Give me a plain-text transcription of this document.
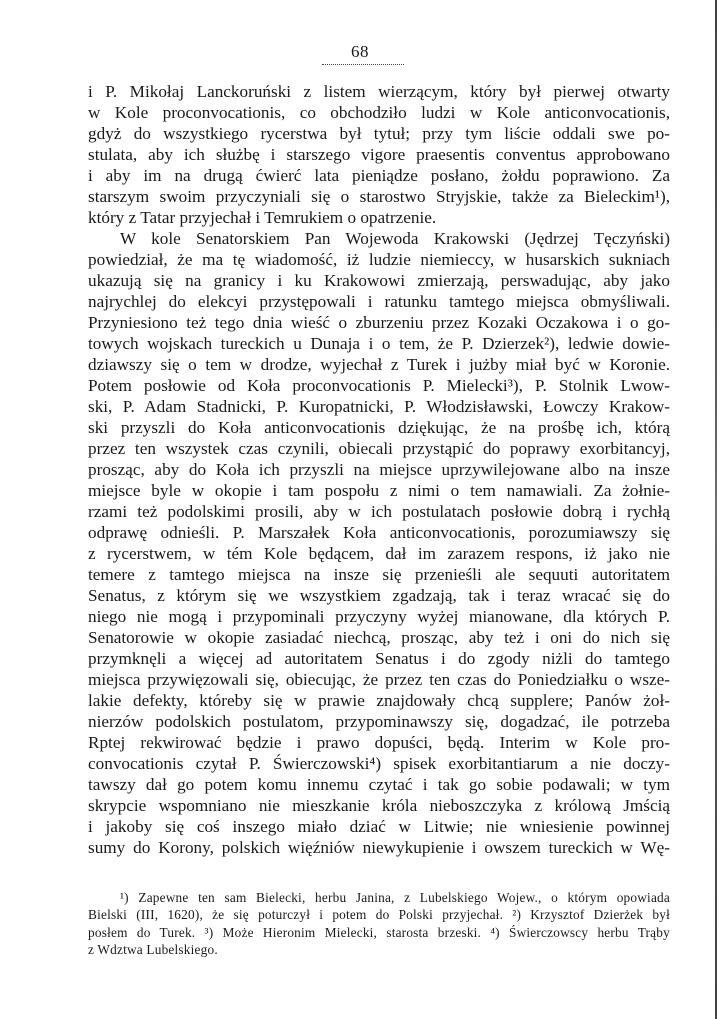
68
i P. Mikołaj Lanckoruński z listem wierzącym, który był pierwej otwarty
w Kole proconvocationis, co obchodziło ludzi w Kole anticonvocationis,
gdyż do wszystkiego rycerstwa był tytuł; przy tym liście oddali swe po-
stulata, aby ich służbę i starszego vigore praesentis conventus approbowano
i aby im na drugą ćwierć lata pieniądze posłano, żołdu poprawiono. Za
starszym swoim przyczyniali się o starostwo Stryjskie, także za Bieleckim¹),
który z Tatar przyjechał i Temrukiem o opatrzenie.
W kole Senatorskiem Pan Wojewoda Krakowski (Jędrzej Tęczyński)
powiedział, że ma tę wiadomość, iż ludzie niemieccy, w husarskich sukniach
ukazują się na granicy i ku Krakowowi zmierzają, perswadując, aby jako
najrychlej do elekcyi przystępowali i ratunku tamtego miejsca obmyśliwali.
Przyniesiono też tego dnia wieść o zburzeniu przez Kozaki Oczakowa i o go-
towych wojskach tureckich u Dunaja i o tem, że P. Dzierzek²), ledwie dowie-
dziawszy się o tem w drodze, wyjechał z Turek i jużby miał być w Koronie.
Potem posłowie od Koła proconvocationis P. Mielecki³), P. Stolnik Lwow-
ski, P. Adam Stadnicki, P. Kuropatnicki, P. Włodzisławski, Łowczy Krakow-
ski przyszli do Koła anticonvocationis dziękując, że na prośbę ich, którą
przez ten wszystek czas czynili, obiecali przystąpić do poprawy exorbitancyj,
prosząc, aby do Koła ich przyszli na miejsce uprzywilejowane albo na insze
miejsce byle w okopie i tam pospołu z nimi o tem namawiali. Za żołnie-
rzami też podolskimi prosili, aby w ich postulatach posłowie dobrą i rychłą
odprawę odnieśli. P. Marszałek Koła anticonvocationis, porozumiawszy się
z rycerstwem, w tém Kole będącem, dał im zarazem respons, iż jako nie
temere z tamtego miejsca na insze się przenieśli ale sequuti autoritatem
Senatus, z którym się we wszystkiem zgadzają, tak i teraz wracać się do
niego nie mogą i przypominali przyczyny wyżej mianowane, dla których P.
Senatorowie w okopie zasiadać niechcą, prosząc, aby też i oni do nich się
przymknęli a więcej ad autoritatem Senatus i do zgody niżli do tamtego
miejsca przywięzowali się, obiecując, że przez ten czas do Poniedziałku o wsze-
lakie defekty, któreby się w prawie znajdowały chcą supplere; Panów żoł-
nierzów podolskich postulatom, przypominawszy się, dogadzać, ile potrzeba
Rptej rekwirować będzie i prawo dopuści, będą. Interim w Kole pro-
convocationis czytał P. Świerczowski⁴) spisek exorbitantiarum a nie doczy-
tawszy dał go potem komu innemu czytać i tak go sobie podawali; w tym
skrypcie wspomniano nie mieszkanie króla nieboszczyka z królową Jmścią
i jakoby się coś inszego miało dziać w Litwie; nie wniesienie powinnej
sumy do Korony, polskich więźniów niewykupienie i owszem tureckich w Wę-
¹) Zapewne ten sam Bielecki, herbu Janina, z Lubelskiego Wojew., o którym opowiada
Bielski (III, 1620), że się poturczył i potem do Polski przyjechał. ²) Krzysztof Dzierżek był
posłem do Turek. ³) Może Hieronim Mielecki, starosta brzeski. ⁴) Świerczowscy herbu Trąby
z Wdztwa Lubelskiego.
